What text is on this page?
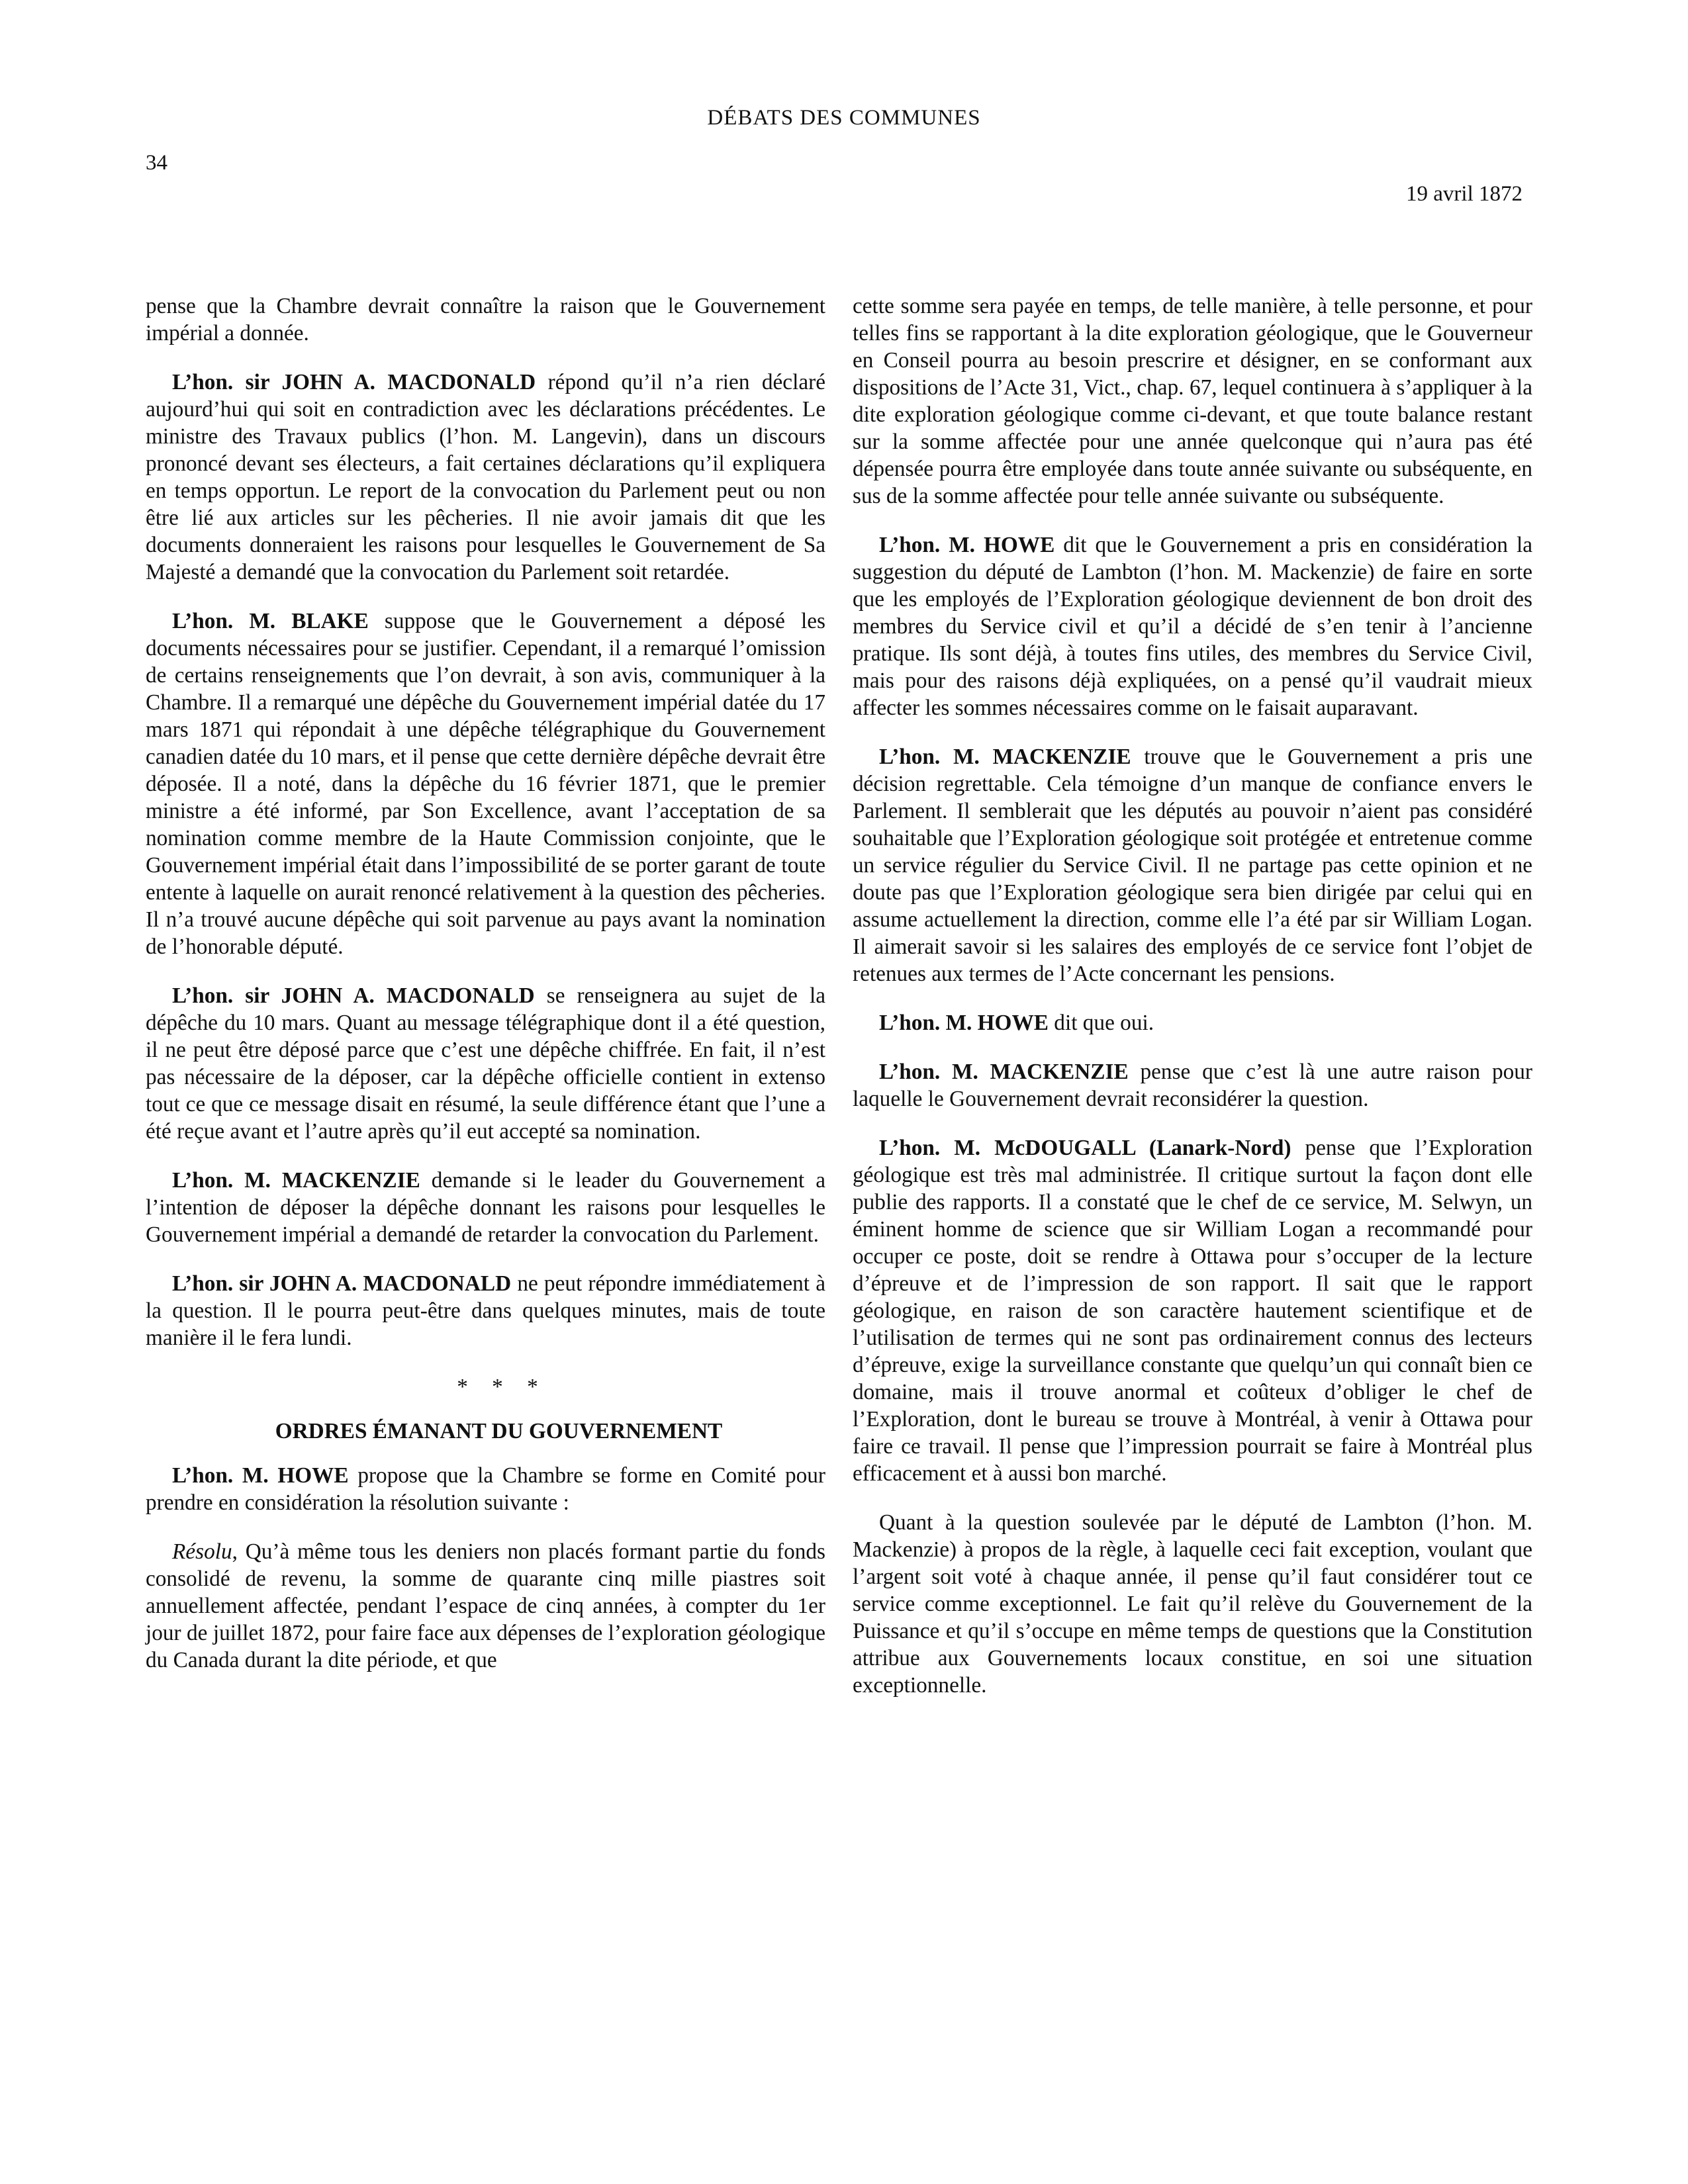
DÉBATS DES COMMUNES
34
19 avril 1872

pense que la Chambre devrait connaître la raison que le Gouvernement impérial a donnée.

L’hon. sir JOHN A. MACDONALD répond qu’il n’a rien déclaré aujourd’hui qui soit en contradiction avec les déclarations précédentes. Le ministre des Travaux publics (l’hon. M. Langevin), dans un discours prononcé devant ses électeurs, a fait certaines déclarations qu’il expliquera en temps opportun. Le report de la convocation du Parlement peut ou non être lié aux articles sur les pêcheries. Il nie avoir jamais dit que les documents donneraient les raisons pour lesquelles le Gouvernement de Sa Majesté a demandé que la convocation du Parlement soit retardée.

L’hon. M. BLAKE suppose que le Gouvernement a déposé les documents nécessaires pour se justifier. Cependant, il a remarqué l’omission de certains renseignements que l’on devrait, à son avis, communiquer à la Chambre. Il a remarqué une dépêche du Gouvernement impérial datée du 17 mars 1871 qui répondait à une dépêche télégraphique du Gouvernement canadien datée du 10 mars, et il pense que cette dernière dépêche devrait être déposée. Il a noté, dans la dépêche du 16 février 1871, que le premier ministre a été informé, par Son Excellence, avant l’acceptation de sa nomination comme membre de la Haute Commission conjointe, que le Gouvernement impérial était dans l’impossibilité de se porter garant de toute entente à laquelle on aurait renoncé relativement à la question des pêcheries. Il n’a trouvé aucune dépêche qui soit parvenue au pays avant la nomination de l’honorable député.

L’hon. sir JOHN A. MACDONALD se renseignera au sujet de la dépêche du 10 mars. Quant au message télégraphique dont il a été question, il ne peut être déposé parce que c’est une dépêche chiffrée. En fait, il n’est pas nécessaire de la déposer, car la dépêche officielle contient in extenso tout ce que ce message disait en résumé, la seule différence étant que l’une a été reçue avant et l’autre après qu’il eut accepté sa nomination.

L’hon. M. MACKENZIE demande si le leader du Gouvernement a l’intention de déposer la dépêche donnant les raisons pour lesquelles le Gouvernement impérial a demandé de retarder la convocation du Parlement.

L’hon. sir JOHN A. MACDONALD ne peut répondre immédiatement à la question. Il le pourra peut-être dans quelques minutes, mais de toute manière il le fera lundi.

* * *
ORDRES ÉMANANT DU GOUVERNEMENT

L’hon. M. HOWE propose que la Chambre se forme en Comité pour prendre en considération la résolution suivante :

Résolu, Qu’à même tous les deniers non placés formant partie du fonds consolidé de revenu, la somme de quarante cinq mille piastres soit annuellement affectée, pendant l’espace de cinq années, à compter du 1er jour de juillet 1872, pour faire face aux dépenses de l’exploration géologique du Canada durant la dite période, et que

cette somme sera payée en temps, de telle manière, à telle personne, et pour telles fins se rapportant à la dite exploration géologique, que le Gouverneur en Conseil pourra au besoin prescrire et désigner, en se conformant aux dispositions de l’Acte 31, Vict., chap. 67, lequel continuera à s’appliquer à la dite exploration géologique comme ci-devant, et que toute balance restant sur la somme affectée pour une année quelconque qui n’aura pas été dépensée pourra être employée dans toute année suivante ou subséquente, en sus de la somme affectée pour telle année suivante ou subséquente.

L’hon. M. HOWE dit que le Gouvernement a pris en considération la suggestion du député de Lambton (l’hon. M. Mackenzie) de faire en sorte que les employés de l’Exploration géologique deviennent de bon droit des membres du Service civil et qu’il a décidé de s’en tenir à l’ancienne pratique. Ils sont déjà, à toutes fins utiles, des membres du Service Civil, mais pour des raisons déjà expliquées, on a pensé qu’il vaudrait mieux affecter les sommes nécessaires comme on le faisait auparavant.

L’hon. M. MACKENZIE trouve que le Gouvernement a pris une décision regrettable. Cela témoigne d’un manque de confiance envers le Parlement. Il semblerait que les députés au pouvoir n’aient pas considéré souhaitable que l’Exploration géologique soit protégée et entretenue comme un service régulier du Service Civil. Il ne partage pas cette opinion et ne doute pas que l’Exploration géologique sera bien dirigée par celui qui en assume actuellement la direction, comme elle l’a été par sir William Logan. Il aimerait savoir si les salaires des employés de ce service font l’objet de retenues aux termes de l’Acte concernant les pensions.

L’hon. M. HOWE dit que oui.

L’hon. M. MACKENZIE pense que c’est là une autre raison pour laquelle le Gouvernement devrait reconsidérer la question.

L’hon. M. McDOUGALL (Lanark-Nord) pense que l’Exploration géologique est très mal administrée. Il critique surtout la façon dont elle publie des rapports. Il a constaté que le chef de ce service, M. Selwyn, un éminent homme de science que sir William Logan a recommandé pour occuper ce poste, doit se rendre à Ottawa pour s’occuper de la lecture d’épreuve et de l’impression de son rapport. Il sait que le rapport géologique, en raison de son caractère hautement scientifique et de l’utilisation de termes qui ne sont pas ordinairement connus des lecteurs d’épreuve, exige la surveillance constante que quelqu’un qui connaît bien ce domaine, mais il trouve anormal et coûteux d’obliger le chef de l’Exploration, dont le bureau se trouve à Montréal, à venir à Ottawa pour faire ce travail. Il pense que l’impression pourrait se faire à Montréal plus efficacement et à aussi bon marché.

Quant à la question soulevée par le député de Lambton (l’hon. M. Mackenzie) à propos de la règle, à laquelle ceci fait exception, voulant que l’argent soit voté à chaque année, il pense qu’il faut considérer tout ce service comme exceptionnel. Le fait qu’il relève du Gouvernement de la Puissance et qu’il s’occupe en même temps de questions que la Constitution attribue aux Gouvernements locaux constitue, en soi une situation exceptionnelle.
